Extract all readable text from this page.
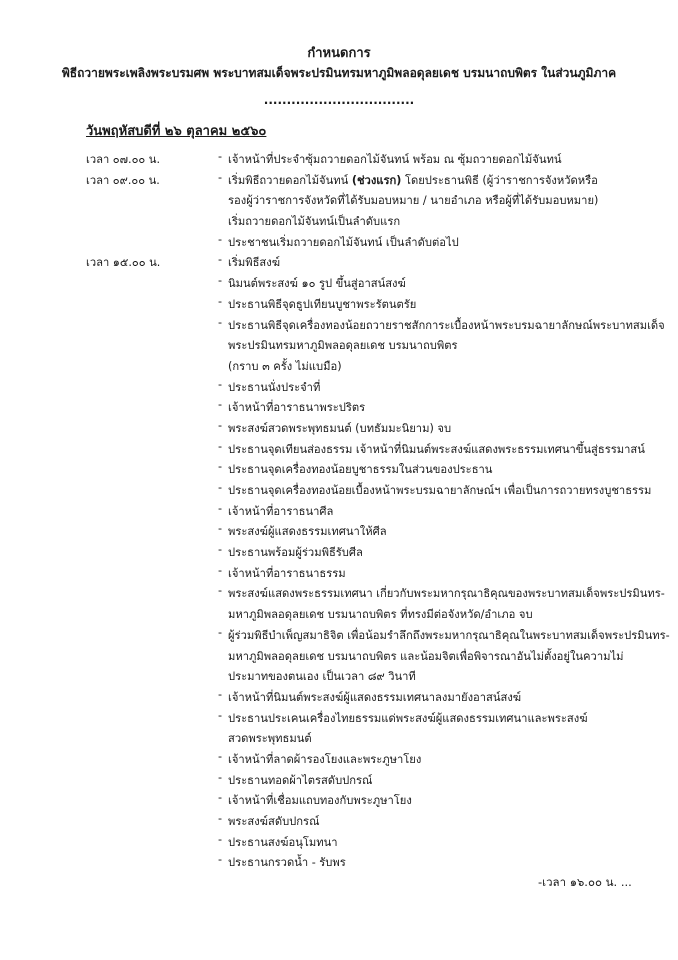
กำหนดการ
พิธีถวายพระเพลิงพระบรมศพ พระบาทสมเด็จพระปรมินทรมหาภูมิพลอดุลยเดช บรมนาถบพิตร ในส่วนภูมิภาค
.................................
วันพฤหัสบดีที่ ๒๖ ตุลาคม ๒๕๖๐
เวลา ๐๗.๐๐ น.	- เจ้าหน้าที่ประจำซุ้มถวายดอกไม้จันทน์ พร้อม ณ ซุ้มถวายดอกไม้จันทน์
เวลา ๐๙.๐๐ น.	- เริ่มพิธีถวายดอกไม้จันทน์ (ช่วงแรก) โดยประธานพิธี (ผู้ว่าราชการจังหวัดหรือ
รองผู้ว่าราชการจังหวัดที่ได้รับมอบหมาย / นายอำเภอ หรือผู้ที่ได้รับมอบหมาย)
เริ่มถวายดอกไม้จันทน์เป็นลำดับแรก
- ประชาชนเริ่มถวายดอกไม้จันทน์ เป็นลำดับต่อไป
เวลา ๑๕.๐๐ น.	- เริ่มพิธีสงฆ์
- นิมนต์พระสงฆ์ ๑๐ รูป ขึ้นสู่อาสน์สงฆ์
- ประธานพิธีจุดธูปเทียนบูชาพระรัตนตรัย
- ประธานพิธีจุดเครื่องทองน้อยถวายราชสักการะเบื้องหน้าพระบรมฉายาลักษณ์พระบาทสมเด็จ
พระปรมินทรมหาภูมิพลอดุลยเดช บรมนาถบพิตร
(กราบ ๓ ครั้ง ไม่แบมือ)
- ประธานนั่งประจำที่
- เจ้าหน้าที่อาราธนาพระปริตร
- พระสงฆ์สวดพระพุทธมนต์ (บทธัมมะนิยาม) จบ
- ประธานจุดเทียนส่องธรรม เจ้าหน้าที่นิมนต์พระสงฆ์แสดงพระธรรมเทศนาขึ้นสู่ธรรมาสน์
- ประธานจุดเครื่องทองน้อยบูชาธรรมในส่วนของประธาน
- ประธานจุดเครื่องทองน้อยเบื้องหน้าพระบรมฉายาลักษณ์ฯ เพื่อเป็นการถวายทรงบูชาธรรม
- เจ้าหน้าที่อาราธนาศีล
- พระสงฆ์ผู้แสดงธรรมเทศนาให้ศีล
- ประธานพร้อมผู้ร่วมพิธีรับศีล
- เจ้าหน้าที่อาราธนาธรรม
- พระสงฆ์แสดงพระธรรมเทศนา เกี่ยวกับพระมหากรุณาธิคุณของพระบาทสมเด็จพระปรมินทร-
มหาภูมิพลอดุลยเดช บรมนาถบพิตร ที่ทรงมีต่อจังหวัด/อำเภอ จบ
- ผู้ร่วมพิธีบำเพ็ญสมาธิจิต เพื่อน้อมรำลึกถึงพระมหากรุณาธิคุณในพระบาทสมเด็จพระปรมินทร-
มหาภูมิพลอดุลยเดช บรมนาถบพิตร และน้อมจิตเพื่อพิจารณาอันไม่ตั้งอยู่ในความไม่
ประมาทของตนเอง เป็นเวลา ๘๙ วินาที
- เจ้าหน้าที่นิมนต์พระสงฆ์ผู้แสดงธรรมเทศนาลงมายังอาสน์สงฆ์
- ประธานประเคนเครื่องไทยธรรมแด่พระสงฆ์ผู้แสดงธรรมเทศนาและพระสงฆ์
สวดพระพุทธมนต์
- เจ้าหน้าที่ลาดผ้ารองโยงและพระภูษาโยง
- ประธานทอดผ้าไตรสดับปกรณ์
- เจ้าหน้าที่เชื่อมแถบทองกับพระภูษาโยง
- พระสงฆ์สดับปกรณ์
- ประธานสงฆ์อนุโมทนา
- ประธานกรวดน้ำ - รับพร
-เวลา ๑๖.๐๐ น. ...
